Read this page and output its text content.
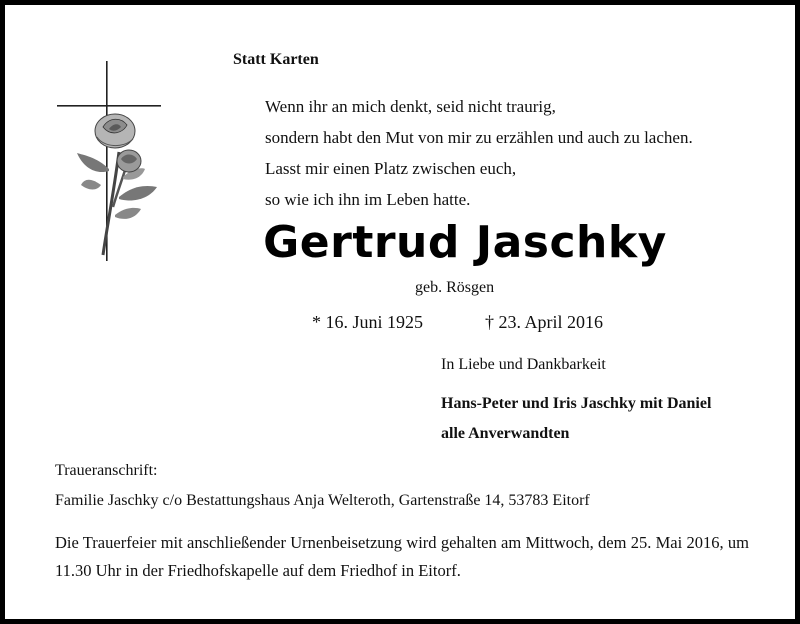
Statt Karten
Wenn ihr an mich denkt, seid nicht traurig,
sondern habt den Mut von mir zu erzählen und auch zu lachen.
Lasst mir einen Platz zwischen euch,
so wie ich ihn im Leben hatte.
Gertrud Jaschky
geb. Rösgen
* 16. Juni 1925	† 23. April 2016
In Liebe und Dankbarkeit
Hans-Peter und Iris Jaschky mit Daniel
alle Anverwandten
Traueranschrift:
Familie Jaschky c/o Bestattungshaus Anja Welteroth, Gartenstraße 14, 53783 Eitorf
Die Trauerfeier mit anschließender Urnenbeisetzung wird gehalten am Mittwoch, dem 25. Mai 2016, um 11.30 Uhr in der Friedhofskapelle auf dem Friedhof in Eitorf.
